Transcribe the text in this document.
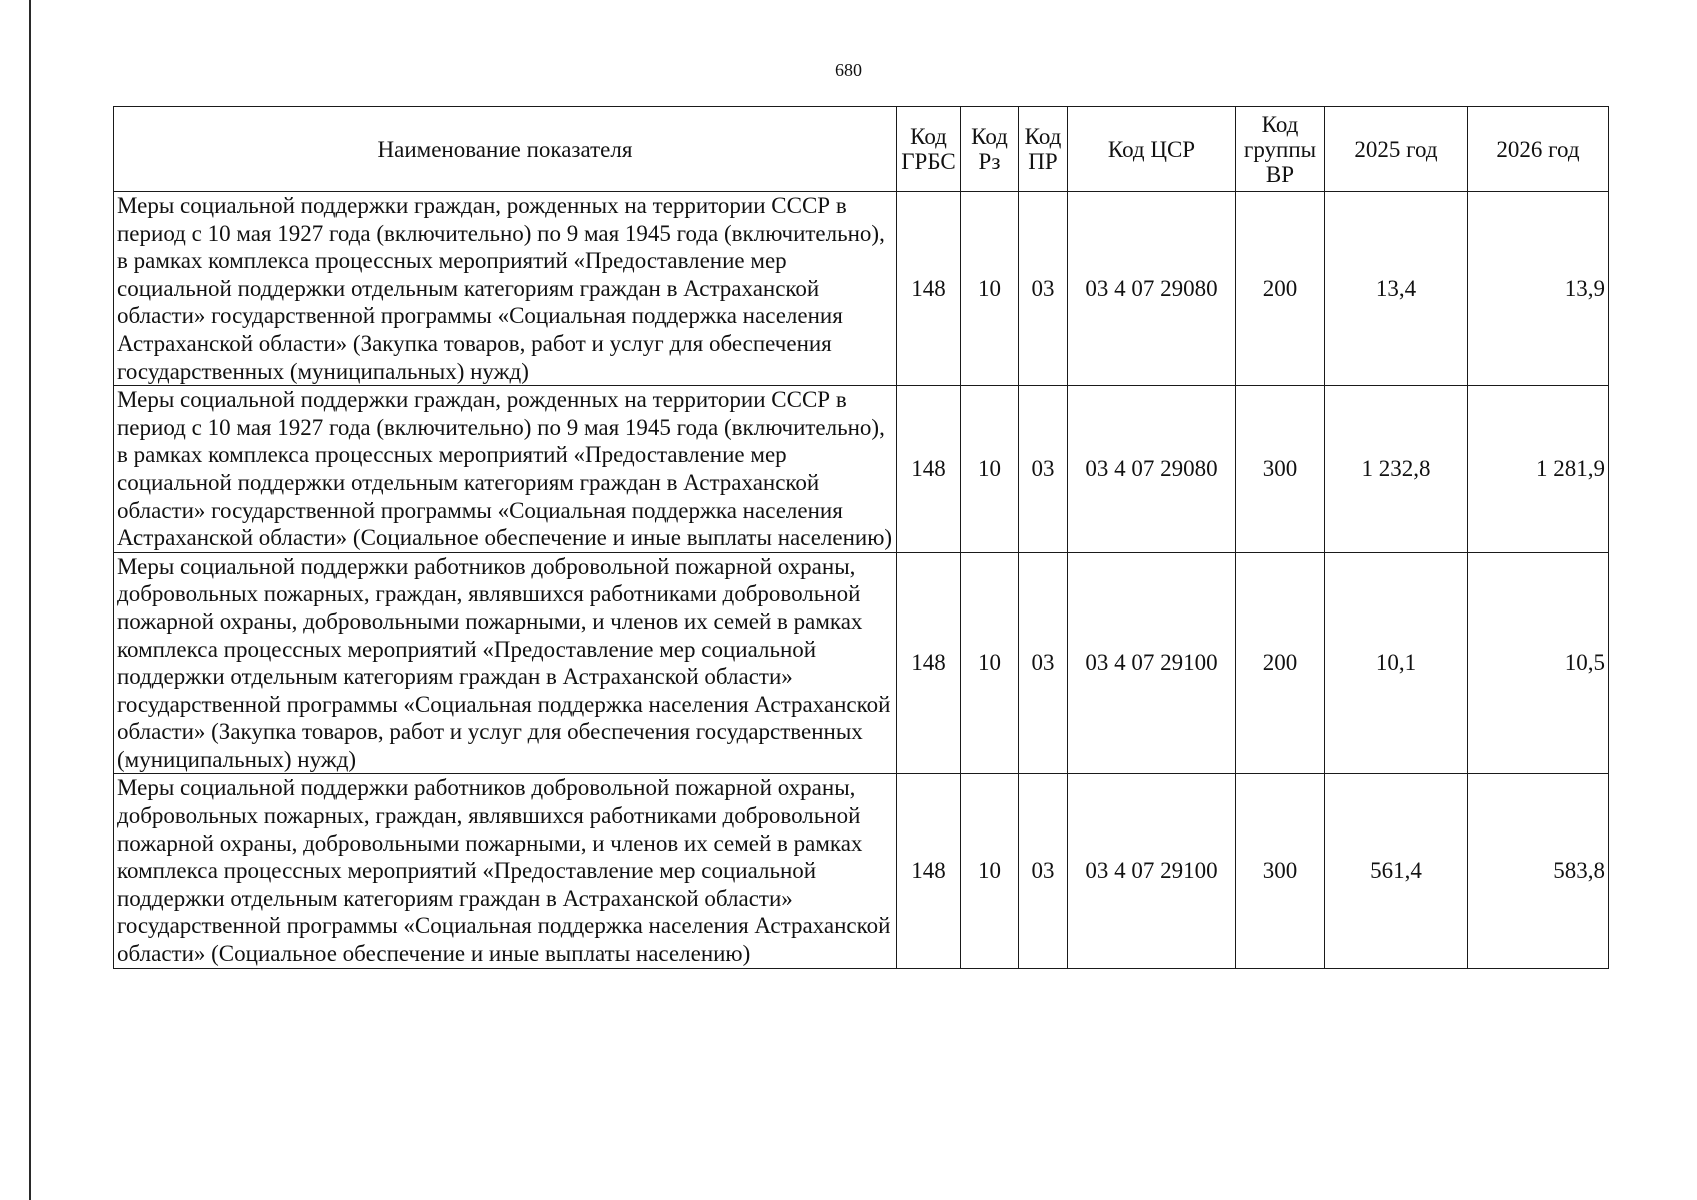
680
Наименование показателя	Код ГРБС	Код Рз	Код ПР	Код ЦСР	Код группы ВР	2025 год	2026 год
Меры социальной поддержки граждан, рожденных на территории СССР в период с 10 мая 1927 года (включительно) по 9 мая 1945 года (включительно), в рамках комплекса процессных мероприятий «Предоставление мер социальной поддержки отдельным категориям граждан в Астраханской области» государственной программы «Социальная поддержка населения Астраханской области» (Закупка товаров, работ и услуг для обеспечения государственных (муниципальных) нужд)	148	10	03	03 4 07 29080	200	13,4	13,9
Меры социальной поддержки граждан, рожденных на территории СССР в период с 10 мая 1927 года (включительно) по 9 мая 1945 года (включительно), в рамках комплекса процессных мероприятий «Предоставление мер социальной поддержки отдельным категориям граждан в Астраханской области» государственной программы «Социальная поддержка населения Астраханской области» (Социальное обеспечение и иные выплаты населению)	148	10	03	03 4 07 29080	300	1 232,8	1 281,9
Меры социальной поддержки работников добровольной пожарной охраны, добровольных пожарных, граждан, являвшихся работниками добровольной пожарной охраны, добровольными пожарными, и членов их семей в рамках комплекса процессных мероприятий «Предоставление мер социальной поддержки отдельным категориям граждан в Астраханской области» государственной программы «Социальная поддержка населения Астраханской области» (Закупка товаров, работ и услуг для обеспечения государственных (муниципальных) нужд)	148	10	03	03 4 07 29100	200	10,1	10,5
Меры социальной поддержки работников добровольной пожарной охраны, добровольных пожарных, граждан, являвшихся работниками добровольной пожарной охраны, добровольными пожарными, и членов их семей в рамках комплекса процессных мероприятий «Предоставление мер социальной поддержки отдельным категориям граждан в Астраханской области» государственной программы «Социальная поддержка населения Астраханской области» (Социальное обеспечение и иные выплаты населению)	148	10	03	03 4 07 29100	300	561,4	583,8
